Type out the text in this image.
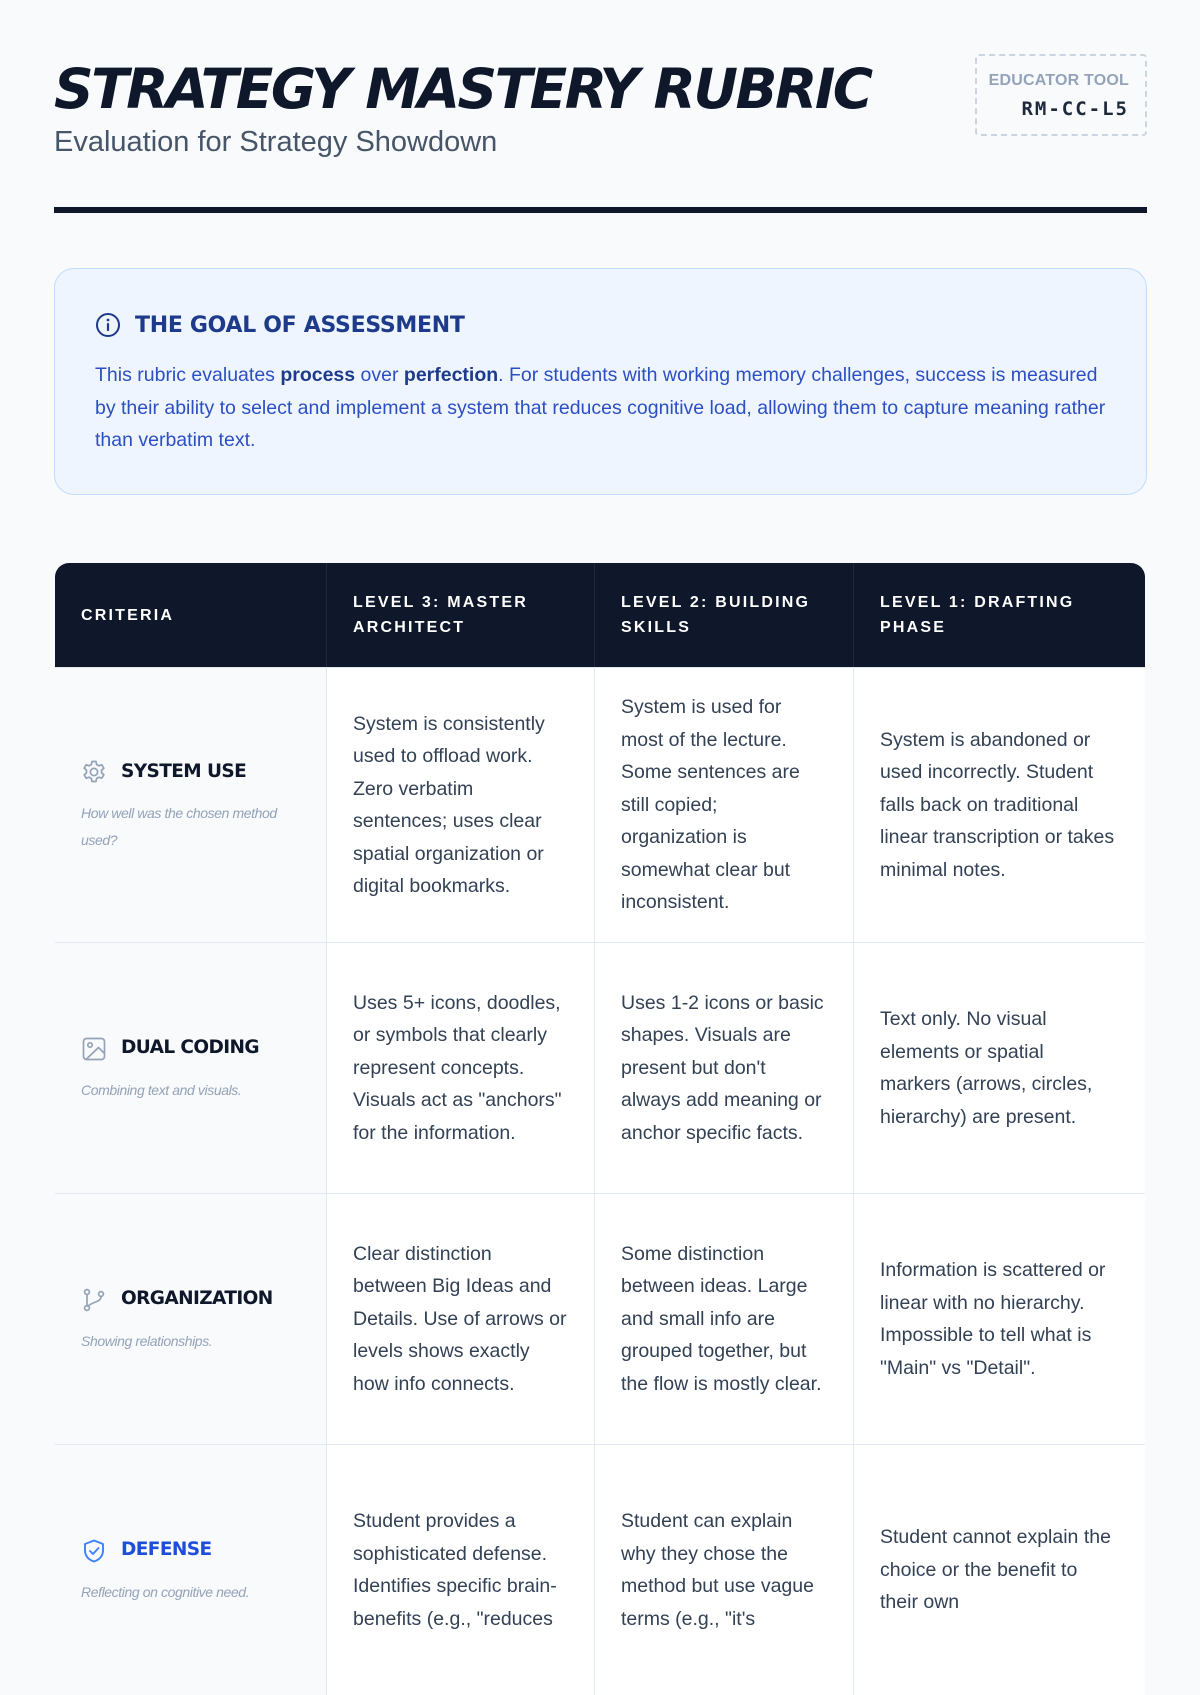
STRATEGY MASTERY RUBRIC

Evaluation for Strategy Showdown

EDUCATOR TOOL
RM-CC-L5
THE GOAL OF ASSESSMENT
This rubric evaluates process over perfection. For students with working memory challenges, success is measured by their ability to select and implement a system that reduces cognitive load, allowing them to capture meaning rather than verbatim text.
CRITERIA
LEVEL 3: MASTER ARCHITECT
LEVEL 2: BUILDING SKILLS
LEVEL 1: DRAFTING PHASE
SYSTEM USE
How well was the chosen method used?
System is consistently used to offload work. Zero verbatim sentences; uses clear spatial organization or digital bookmarks.
System is used for most of the lecture. Some sentences are still copied; organization is somewhat clear but inconsistent.
System is abandoned or used incorrectly. Student falls back on traditional linear transcription or takes minimal notes.
DUAL CODING
Combining text and visuals.
Uses 5+ icons, doodles, or symbols that clearly represent concepts. Visuals act as "anchors" for the information.
Uses 1-2 icons or basic shapes. Visuals are present but don't always add meaning or anchor specific facts.
Text only. No visual elements or spatial markers (arrows, circles, hierarchy) are present.
ORGANIZATION
Showing relationships.
Clear distinction between Big Ideas and Details. Use of arrows or levels shows exactly how info connects.
Some distinction between ideas. Large and small info are grouped together, but the flow is mostly clear.
Information is scattered or linear with no hierarchy. Impossible to tell what is "Main" vs "Detail".
DEFENSE
Reflecting on cognitive need.
Student provides a sophisticated defense. Identifies specific brain-benefits (e.g., "reduces
Student can explain why they chose the method but use vague terms (e.g., "it's
Student cannot explain the choice or the benefit to their own
